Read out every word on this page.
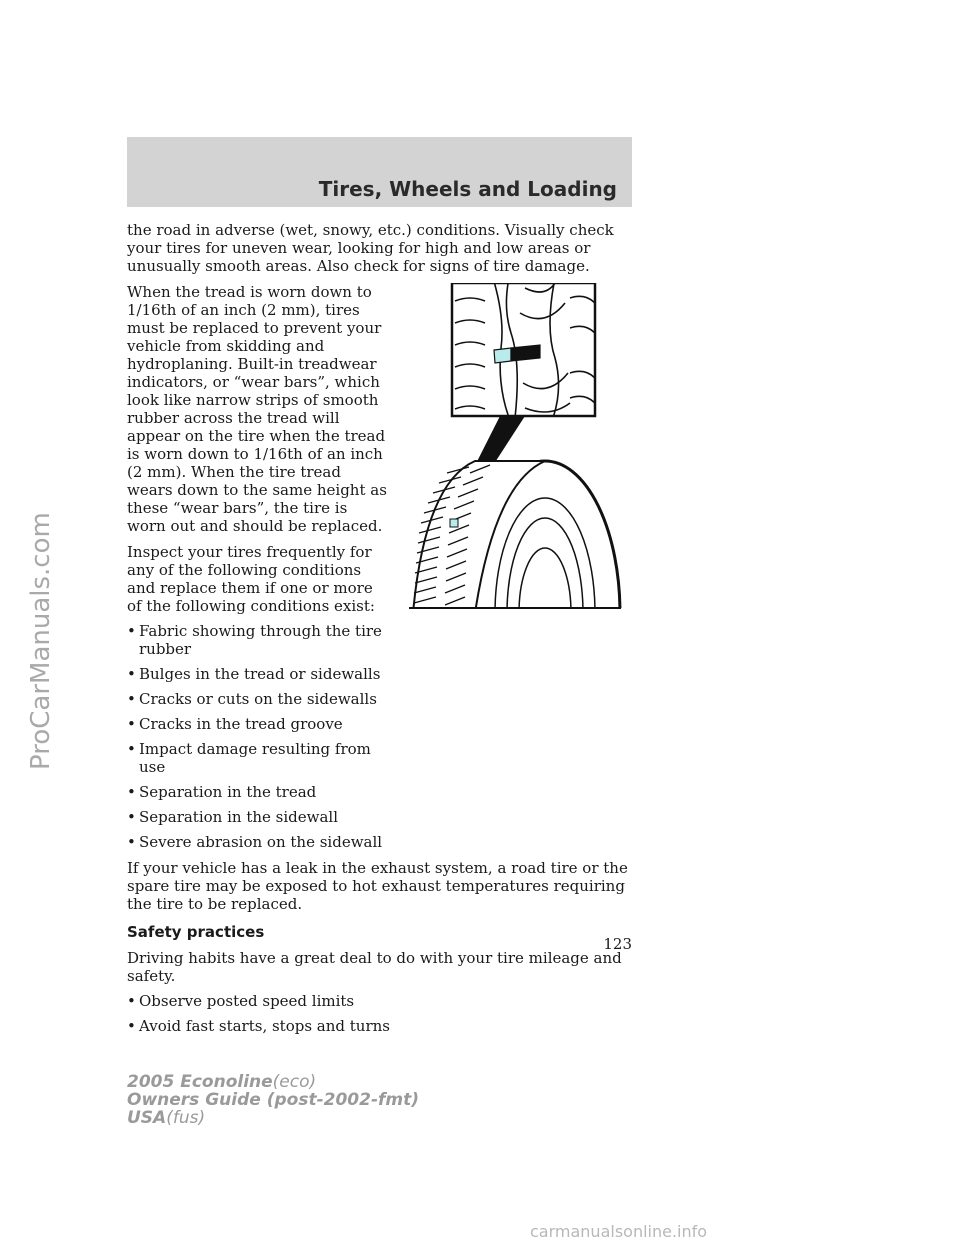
Tires, Wheels and Loading
ProCarManuals.com

the road in adverse (wet, snowy, etc.) conditions. Visually check your tires for uneven wear, looking for high and low areas or unusually smooth areas. Also check for signs of tire damage.

When the tread is worn down to 1/16th of an inch (2 mm), tires must be replaced to prevent your vehicle from skidding and hydroplaning. Built-in treadwear indicators, or “wear bars”, which look like narrow strips of smooth rubber across the tread will appear on the tire when the tread is worn down to 1/16th of an inch (2 mm). When the tire tread wears down to the same height as these “wear bars”, the tire is worn out and should be replaced.

Inspect your tires frequently for any of the following conditions and replace them if one or more of the following conditions exist:

• Fabric showing through the tire rubber
• Bulges in the tread or sidewalls
• Cracks or cuts on the sidewalls
• Cracks in the tread groove
• Impact damage resulting from use
• Separation in the tread
• Separation in the sidewall
• Severe abrasion on the sidewall

If your vehicle has a leak in the exhaust system, a road tire or the spare tire may be exposed to hot exhaust temperatures requiring the tire to be replaced.

Safety practices

Driving habits have a great deal to do with your tire mileage and safety.

• Observe posted speed limits
• Avoid fast starts, stops and turns
123

2005 Econoline(eco)

Owners Guide (post-2002-fmt)

USA(fus)

carmanualsonline.info
